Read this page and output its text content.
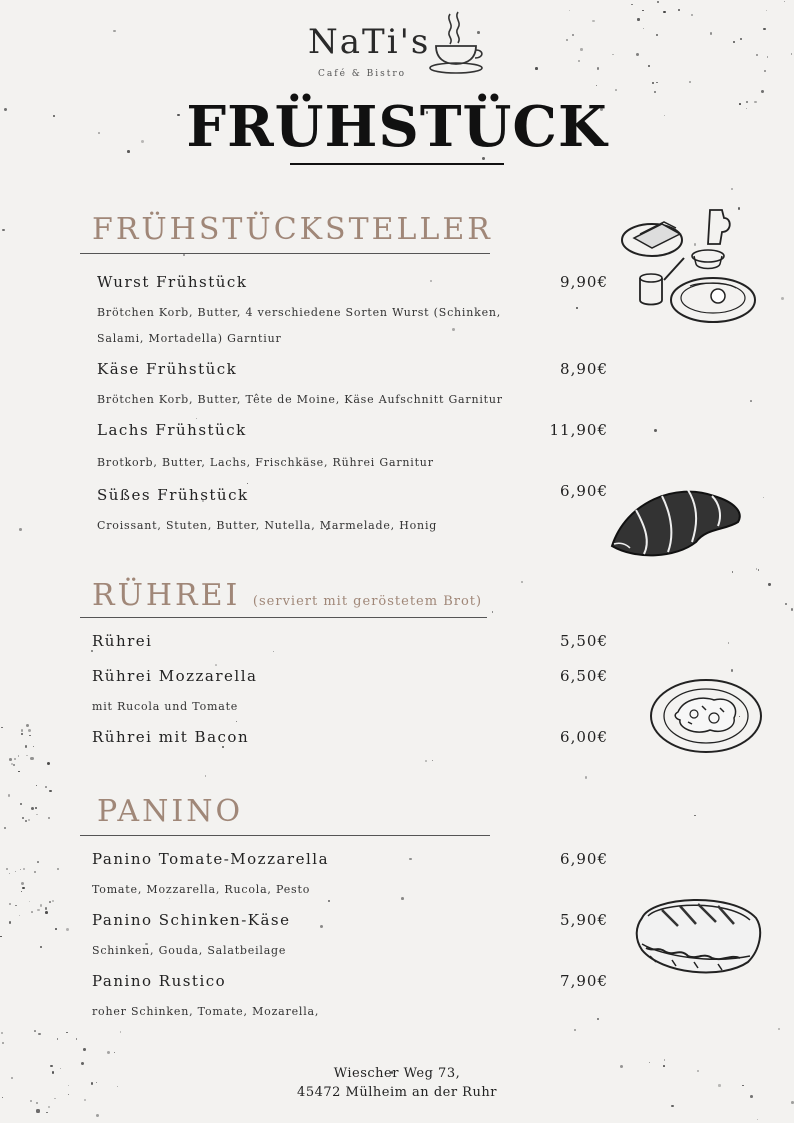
NaTi's
Café & Bistro
FRÜHSTÜCK
FRÜHSTÜCKSTELLER
Wurst Frühstück	9,90€
Brötchen Korb, Butter, 4 verschiedene Sorten Wurst (Schinken,
Salami, Mortadella) Garntiur
Käse Frühstück	8,90€
Brötchen Korb, Butter, Tête de Moine, Käse Aufschnitt Garnitur
Lachs Frühstück	11,90€
Brotkorb, Butter, Lachs, Frischkäse, Rührei Garnitur
Süßes Frühstück	6,90€
Croissant, Stuten, Butter, Nutella, Marmelade, Honig
RÜHREI (serviert mit geröstetem Brot)
Rührei	5,50€
Rührei Mozzarella	6,50€
mit Rucola und Tomate
Rührei mit Bacon	6,00€
PANINO
Panino Tomate-Mozzarella	6,90€
Tomate, Mozzarella, Rucola, Pesto
Panino Schinken-Käse	5,90€
Schinken, Gouda, Salatbeilage
Panino Rustico	7,90€
roher Schinken, Tomate, Mozarella,
Wiescher Weg 73,
45472 Mülheim an der Ruhr
